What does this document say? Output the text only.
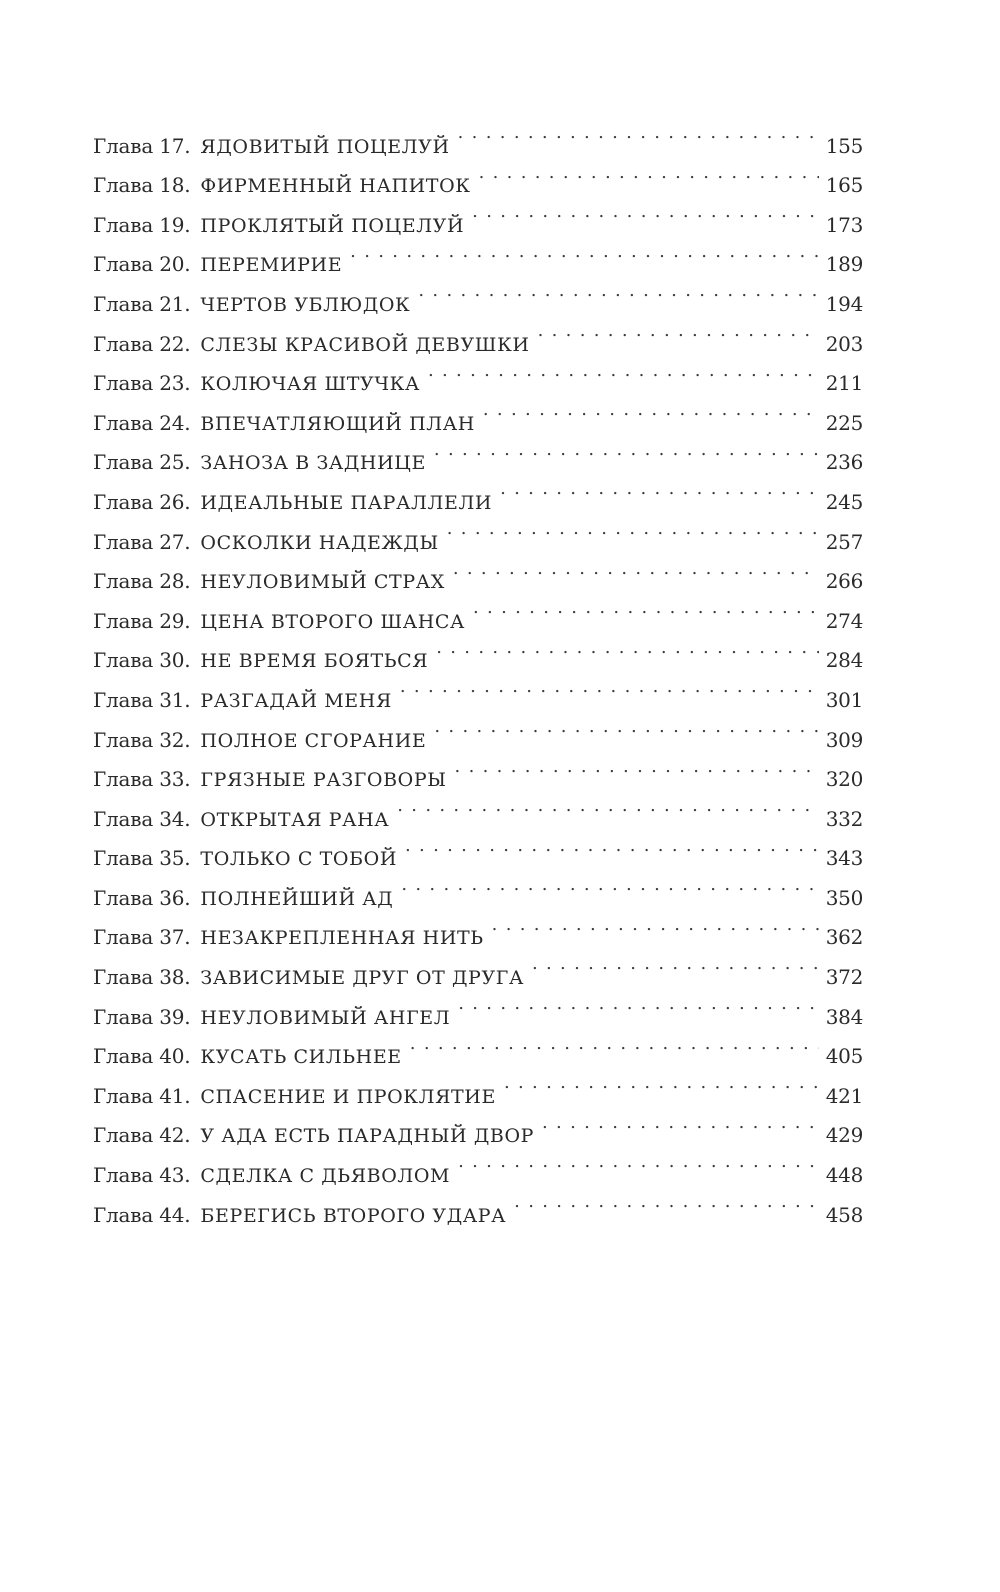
Глава 17. ЯДОВИТЫЙ ПОЦЕЛУЙ . . .	155
Глава 18. ФИРМЕННЫЙ НАПИТОК . . .	165
Глава 19. ПРОКЛЯТЫЙ ПОЦЕЛУЙ . . .	173
Глава 20. ПЕРЕМИРИЕ . . .	189
Глава 21. ЧЕРТОВ УБЛЮДОК . . .	194
Глава 22. СЛЕЗЫ КРАСИВОЙ ДЕВУШКИ . . .	203
Глава 23. КОЛЮЧАЯ ШТУЧКА . . .	211
Глава 24. ВПЕЧАТЛЯЮЩИЙ ПЛАН . . .	225
Глава 25. ЗАНОЗА В ЗАДНИЦЕ . . .	236
Глава 26. ИДЕАЛЬНЫЕ ПАРАЛЛЕЛИ . . .	245
Глава 27. ОСКОЛКИ НАДЕЖДЫ . . .	257
Глава 28. НЕУЛОВИМЫЙ СТРАХ . . .	266
Глава 29. ЦЕНА ВТОРОГО ШАНСА . . .	274
Глава 30. НЕ ВРЕМЯ БОЯТЬСЯ . . .	284
Глава 31. РАЗГАДАЙ МЕНЯ . . .	301
Глава 32. ПОЛНОЕ СГОРАНИЕ . . .	309
Глава 33. ГРЯЗНЫЕ РАЗГОВОРЫ . . .	320
Глава 34. ОТКРЫТАЯ РАНА . . .	332
Глава 35. ТОЛЬКО С ТОБОЙ . . .	343
Глава 36. ПОЛНЕЙШИЙ АД . . .	350
Глава 37. НЕЗАКРЕПЛЕННАЯ НИТЬ . . .	362
Глава 38. ЗАВИСИМЫЕ ДРУГ ОТ ДРУГА . . .	372
Глава 39. НЕУЛОВИМЫЙ АНГЕЛ . . .	384
Глава 40. КУСАТЬ СИЛЬНЕЕ . . .	405
Глава 41. СПАСЕНИЕ И ПРОКЛЯТИЕ . . .	421
Глава 42. У АДА ЕСТЬ ПАРАДНЫЙ ДВОР . . .	429
Глава 43. СДЕЛКА С ДЬЯВОЛОМ . . .	448
Глава 44. БЕРЕГИСЬ ВТОРОГО УДАРА . . .	458
